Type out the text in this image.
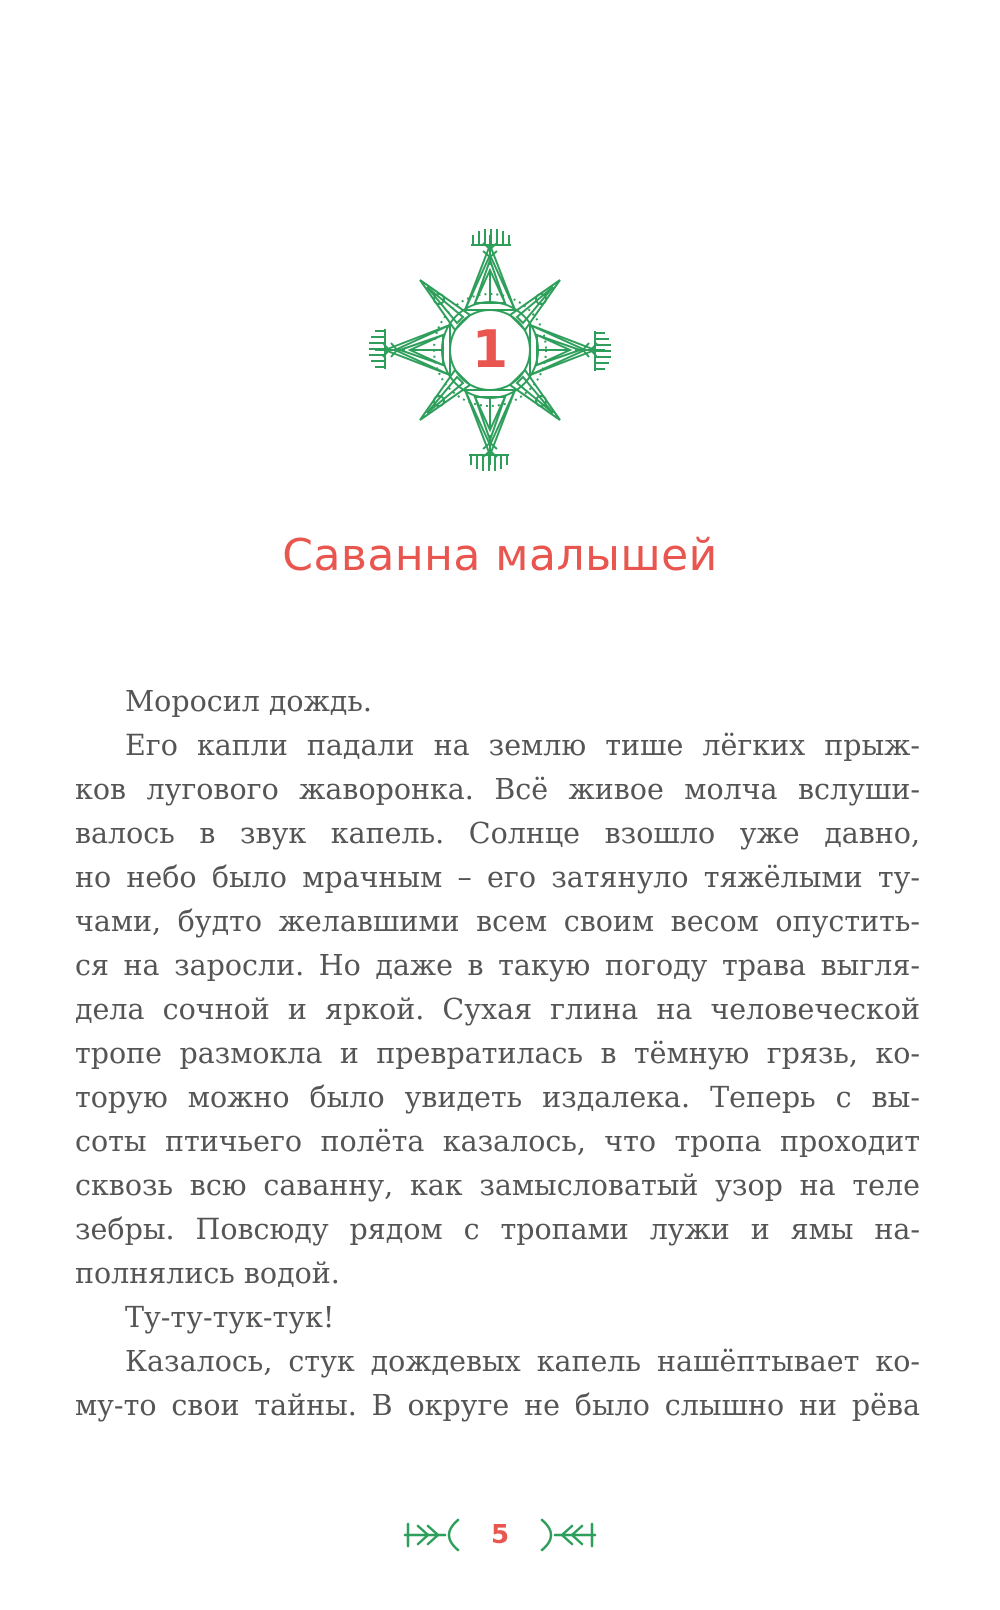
1
Саванна малышей
Моросил дождь.
Его капли падали на землю тише лёгких прыж-
ков лугового жаворонка. Всё живое молча вслуши-
валось в звук капель. Солнце взошло уже давно,
но небо было мрачным – его затянуло тяжёлыми ту-
чами, будто желавшими всем своим весом опустить-
ся на заросли. Но даже в такую погоду трава выгля-
дела сочной и яркой. Сухая глина на человеческой
тропе размокла и превратилась в тёмную грязь, ко-
торую можно было увидеть издалека. Теперь с вы-
соты птичьего полёта казалось, что тропа проходит
сквозь всю саванну, как замысловатый узор на теле
зебры. Повсюду рядом с тропами лужи и ямы на-
полнялись водой.
Ту-ту-тук-тук!
Казалось, стук дождевых капель нашёптывает ко-
му-то свои тайны. В округе не было слышно ни рёва
5
